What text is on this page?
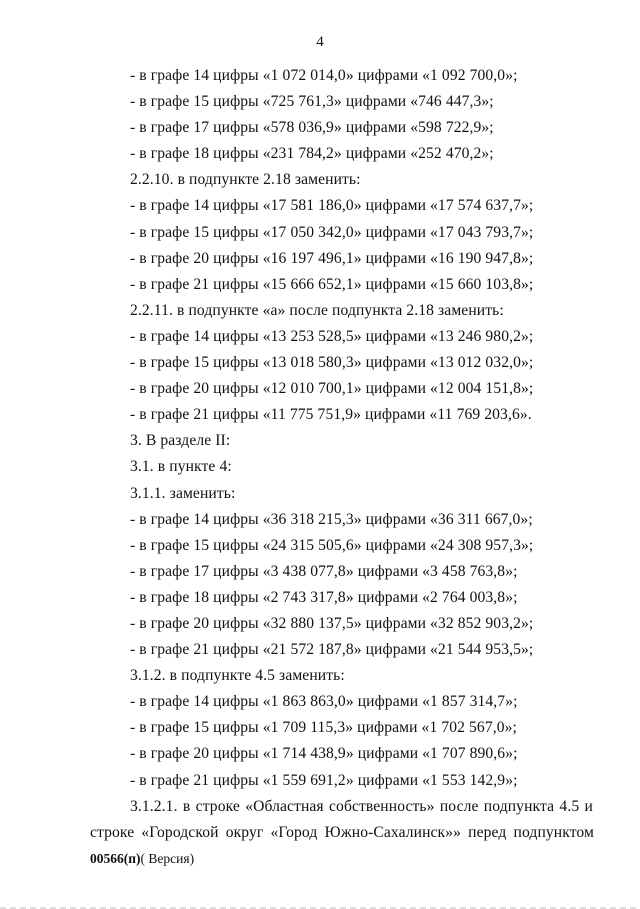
4
- в графе 14 цифры «1 072 014,0» цифрами «1 092 700,0»;
- в графе 15 цифры «725 761,3» цифрами «746 447,3»;
- в графе 17 цифры «578 036,9» цифрами «598 722,9»;
- в графе 18 цифры «231 784,2» цифрами «252 470,2»;
2.2.10. в подпункте 2.18 заменить:
- в графе 14 цифры «17 581 186,0» цифрами «17 574 637,7»;
- в графе 15 цифры «17 050 342,0» цифрами «17 043 793,7»;
- в графе 20 цифры «16 197 496,1» цифрами «16 190 947,8»;
- в графе 21 цифры «15 666 652,1» цифрами «15 660 103,8»;
2.2.11. в подпункте «а» после подпункта 2.18 заменить:
- в графе 14 цифры «13 253 528,5» цифрами «13 246 980,2»;
- в графе 15 цифры «13 018 580,3» цифрами «13 012 032,0»;
- в графе 20 цифры «12 010 700,1» цифрами «12 004 151,8»;
- в графе 21 цифры «11 775 751,9» цифрами «11 769 203,6».
3. В разделе II:
3.1. в пункте 4:
3.1.1. заменить:
- в графе 14 цифры «36 318 215,3» цифрами «36 311 667,0»;
- в графе 15 цифры «24 315 505,6» цифрами «24 308 957,3»;
- в графе 17 цифры «3 438 077,8» цифрами «3 458 763,8»;
- в графе 18 цифры «2 743 317,8» цифрами «2 764 003,8»;
- в графе 20 цифры «32 880 137,5» цифрами «32 852 903,2»;
- в графе 21 цифры «21 572 187,8» цифрами «21 544 953,5»;
3.1.2. в подпункте 4.5 заменить:
- в графе 14 цифры «1 863 863,0» цифрами «1 857 314,7»;
- в графе 15 цифры «1 709 115,3» цифрами «1 702 567,0»;
- в графе 20 цифры «1 714 438,9» цифрами «1 707 890,6»;
- в графе 21 цифры «1 559 691,2» цифрами «1 553 142,9»;
3.1.2.1. в строке «Областная собственность» после подпункта 4.5 и
строке «Городской округ «Город Южно-Сахалинск»» перед подпунктом
00566(п)( Версия)
